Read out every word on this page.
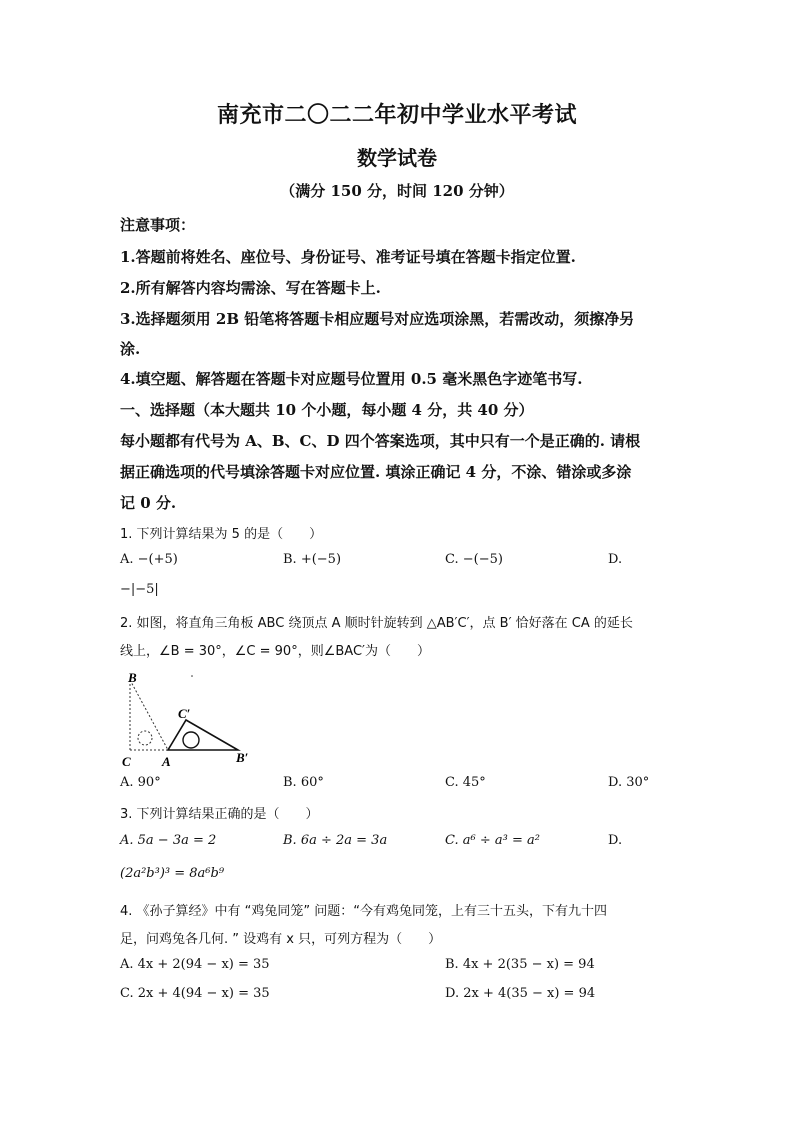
南充市二〇二二年初中学业水平考试
数学试卷
（满分 150 分，时间 120 分钟）
注意事项：
1.答题前将姓名、座位号、身份证号、准考证号填在答题卡指定位置.
2.所有解答内容均需涂、写在答题卡上.
3.选择题须用 2B 铅笔将答题卡相应题号对应选项涂黑，若需改动，须擦净另
涂.
4.填空题、解答题在答题卡对应题号位置用 0.5 毫米黑色字迹笔书写.
一、选择题（本大题共 10 个小题，每小题 4 分，共 40 分）
每小题都有代号为 A、B、C、D 四个答案选项，其中只有一个是正确的. 请根
据正确选项的代号填涂答题卡对应位置. 填涂正确记 4 分，不涂、错涂或多涂
记 0 分.
1. 下列计算结果为 5 的是（　　）
A. −(+5)	B. +(−5)	C. −(−5)	D.
−|−5|
2. 如图，将直角三角板 ABC 绕顶点 A 顺时针旋转到 △AB′C′，点 B′ 恰好落在 CA 的延长
线上，∠B = 30°，∠C = 90°，则∠BAC′为（　　）
B
C A
C′
B′
A. 90°	B. 60°	C. 45°	D. 30°
3. 下列计算结果正确的是（　　）
A. 5a − 3a = 2	B. 6a ÷ 2a = 3a	C. a⁶ ÷ a³ = a²	D.
(2a²b³)³ = 8a⁶b⁹
4. 《孙子算经》中有 “鸡兔同笼” 问题：“今有鸡兔同笼，上有三十五头，下有九十四
足，问鸡兔各几何. ” 设鸡有 x 只，可列方程为（　　）
A. 4x + 2(94 − x) = 35	B. 4x + 2(35 − x) = 94
C. 2x + 4(94 − x) = 35	D. 2x + 4(35 − x) = 94
